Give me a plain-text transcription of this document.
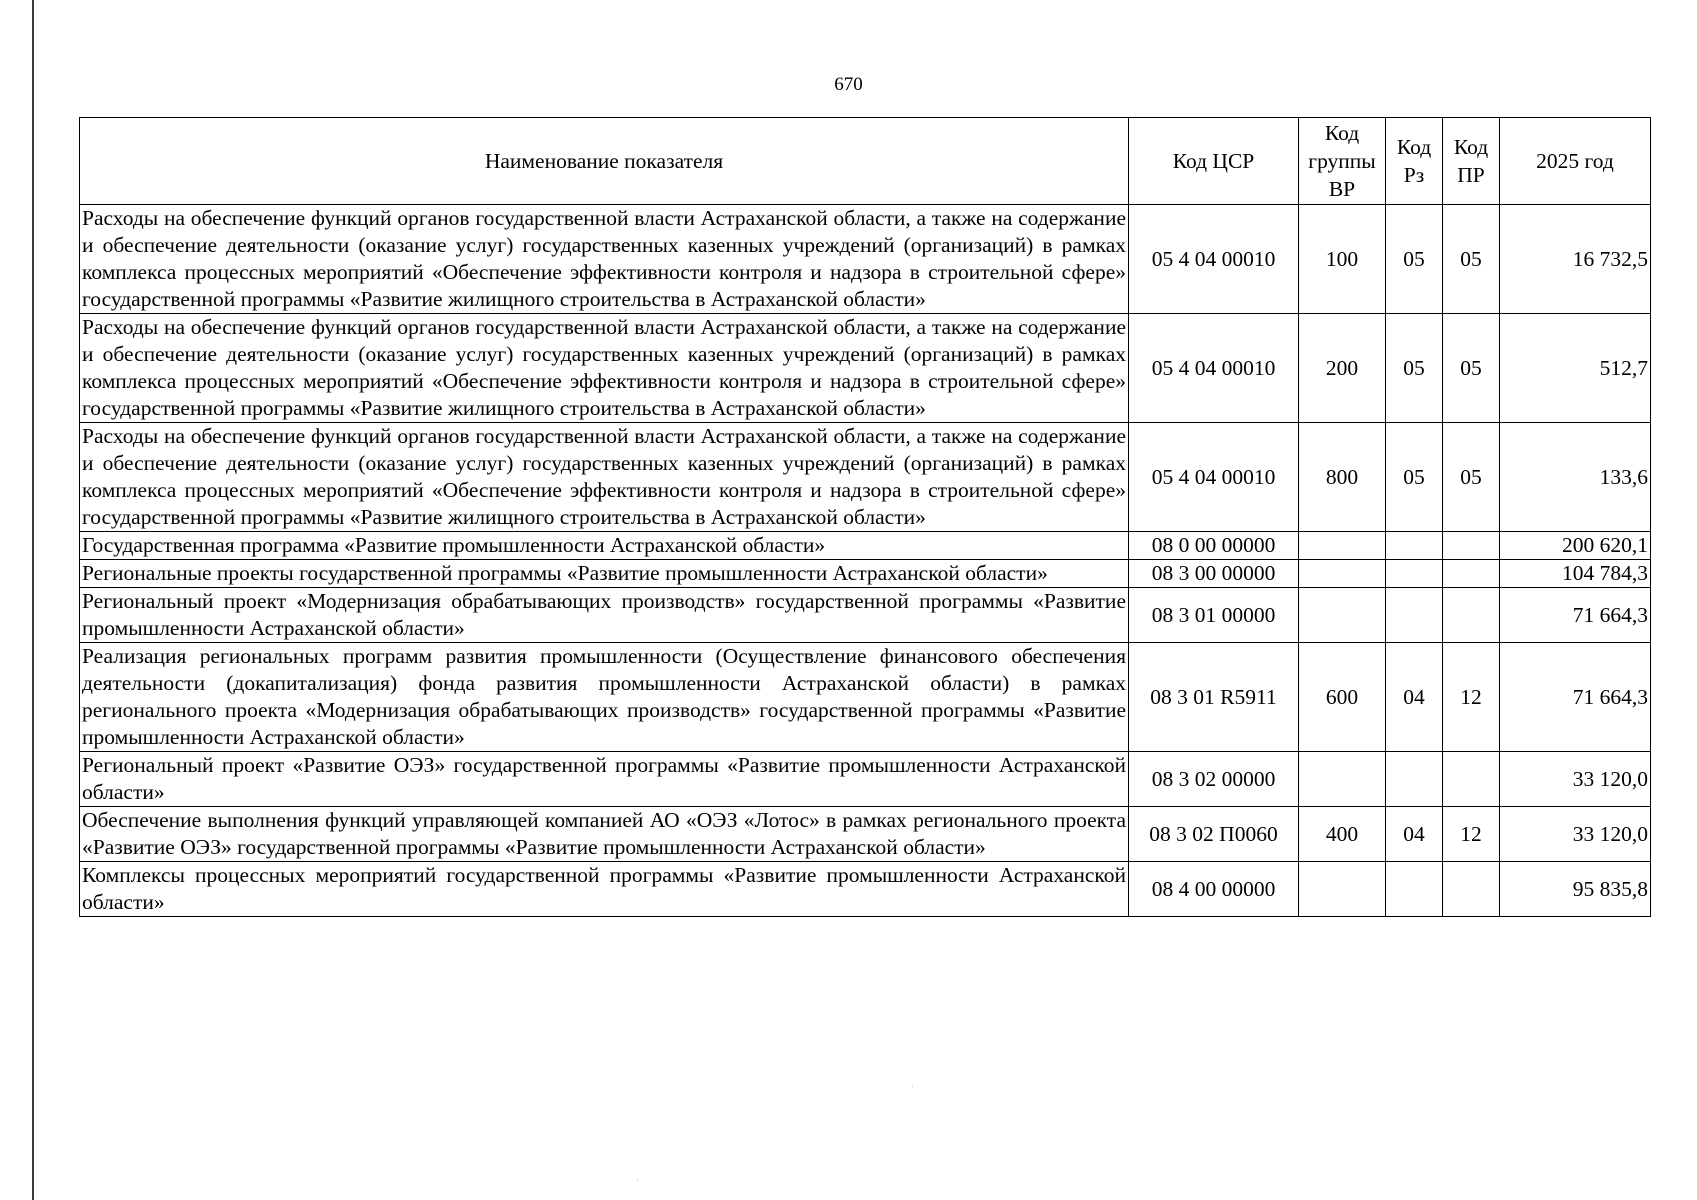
670
Наименование показателя	Код ЦСР	Код группы ВР	Код Рз	Код ПР	2025 год
Расходы на обеспечение функций органов государственной власти Астраханской области, а также на содержание и обеспечение деятельности (оказание услуг) государственных казенных учреждений (организаций) в рамках комплекса процессных мероприятий «Обеспечение эффективности контроля и надзора в строительной сфере» государственной программы «Развитие жилищного строительства в Астраханской области»	05 4 04 00010	100	05	05	16 732,5
Расходы на обеспечение функций органов государственной власти Астраханской области, а также на содержание и обеспечение деятельности (оказание услуг) государственных казенных учреждений (организаций) в рамках комплекса процессных мероприятий «Обеспечение эффективности контроля и надзора в строительной сфере» государственной программы «Развитие жилищного строительства в Астраханской области»	05 4 04 00010	200	05	05	512,7
Расходы на обеспечение функций органов государственной власти Астраханской области, а также на содержание и обеспечение деятельности (оказание услуг) государственных казенных учреждений (организаций) в рамках комплекса процессных мероприятий «Обеспечение эффективности контроля и надзора в строительной сфере» государственной программы «Развитие жилищного строительства в Астраханской области»	05 4 04 00010	800	05	05	133,6
Государственная программа «Развитие промышленности Астраханской области»	08 0 00 00000				200 620,1
Региональные проекты государственной программы «Развитие промышленности Астраханской области»	08 3 00 00000				104 784,3
Региональный проект «Модернизация обрабатывающих производств» государственной программы «Развитие промышленности Астраханской области»	08 3 01 00000				71 664,3
Реализация региональных программ развития промышленности (Осуществление финансового обеспечения деятельности (докапитализация) фонда развития промышленности Астраханской области) в рамках регионального проекта «Модернизация обрабатывающих производств» государственной программы «Развитие промышленности Астраханской области»	08 3 01 R5911	600	04	12	71 664,3
Региональный проект «Развитие ОЭЗ» государственной программы «Развитие промышленности Астраханской области»	08 3 02 00000				33 120,0
Обеспечение выполнения функций управляющей компанией АО «ОЭЗ «Лотос» в рамках регионального проекта «Развитие ОЭЗ» государственной программы «Развитие промышленности Астраханской области»	08 3 02 П0060	400	04	12	33 120,0
Комплексы процессных мероприятий государственной программы «Развитие промышленности Астраханской области»	08 4 00 00000				95 835,8
